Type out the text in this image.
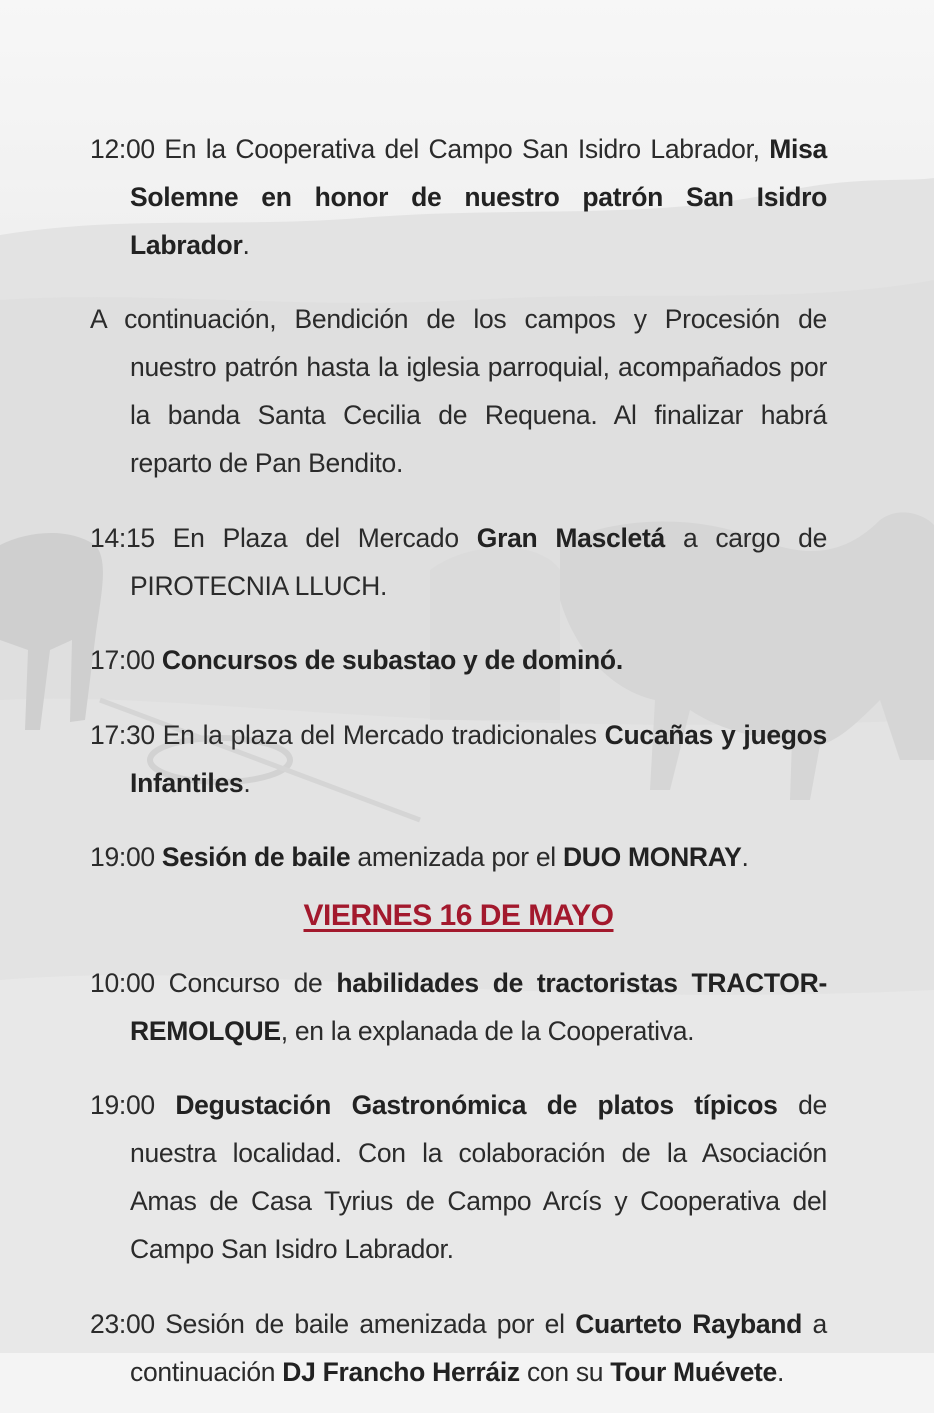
12:00 En la Cooperativa del Campo San Isidro Labrador, Misa Solemne en honor de nuestro patrón San Isidro Labrador.

A continuación, Bendición de los campos y Procesión de nuestro patrón hasta la iglesia parroquial, acompañados por la banda Santa Cecilia de Requena. Al finalizar habrá reparto de Pan Bendito.

14:15 En Plaza del Mercado Gran Mascletá a cargo de PIROTECNIA LLUCH.

17:00 Concursos de subastao y de dominó.

17:30 En la plaza del Mercado tradicionales Cucañas y juegos Infantiles.

19:00 Sesión de baile amenizada por el DUO MONRAY.

VIERNES 16 DE MAYO

10:00 Concurso de habilidades de tractoristas TRACTOR-REMOLQUE, en la explanada de la Cooperativa.

19:00 Degustación Gastronómica de platos típicos de nuestra localidad. Con la colaboración de la Asociación Amas de Casa Tyrius de Campo Arcís y Cooperativa del Campo San Isidro Labrador.

23:00 Sesión de baile amenizada por el Cuarteto Rayband a continuación DJ Francho Herráiz con su Tour Muévete.
